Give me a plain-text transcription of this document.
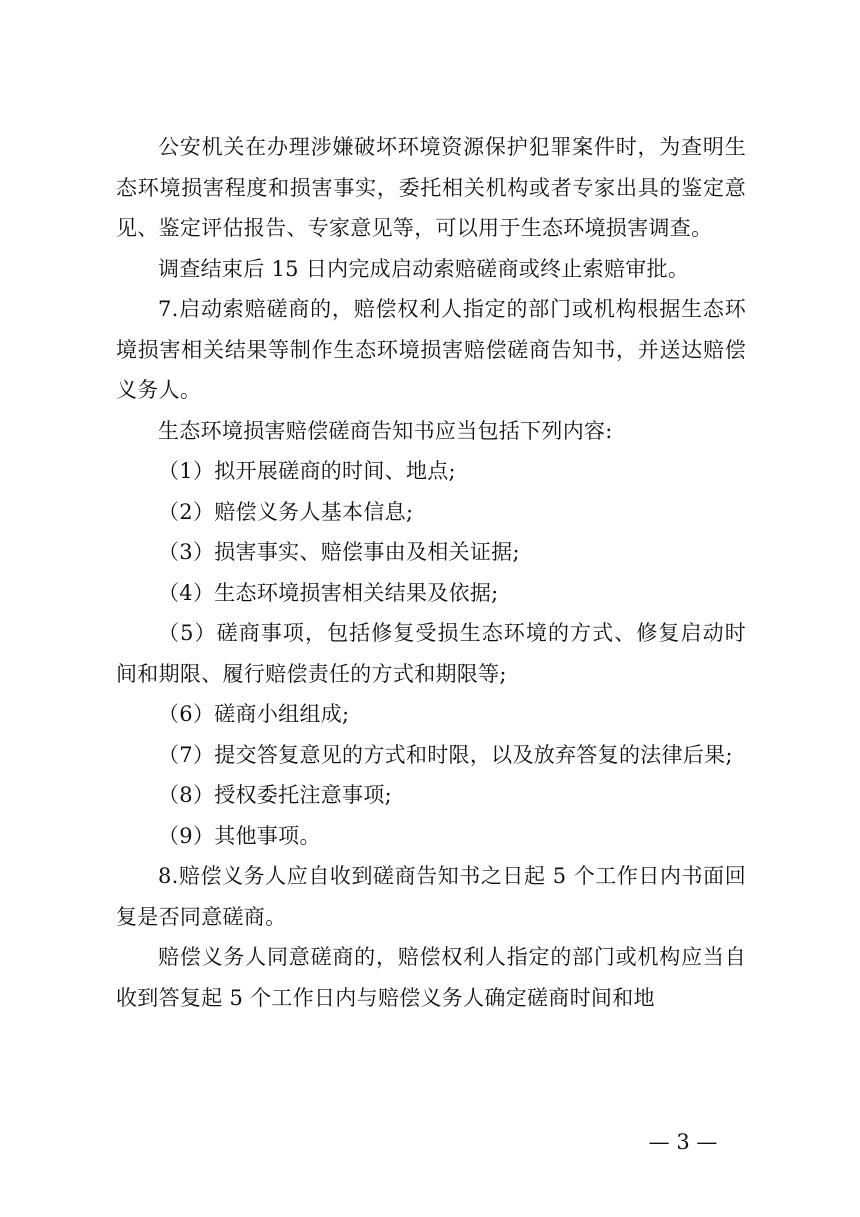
公安机关在办理涉嫌破坏环境资源保护犯罪案件时，为查明生态环境损害程度和损害事实，委托相关机构或者专家出具的鉴定意见、鉴定评估报告、专家意见等，可以用于生态环境损害调查。

调查结束后 15 日内完成启动索赔磋商或终止索赔审批。

7.启动索赔磋商的，赔偿权利人指定的部门或机构根据生态环境损害相关结果等制作生态环境损害赔偿磋商告知书，并送达赔偿义务人。

生态环境损害赔偿磋商告知书应当包括下列内容:

（1）拟开展磋商的时间、地点;

（2）赔偿义务人基本信息;

（3）损害事实、赔偿事由及相关证据;

（4）生态环境损害相关结果及依据;

（5）磋商事项，包括修复受损生态环境的方式、修复启动时间和期限、履行赔偿责任的方式和期限等;

（6）磋商小组组成;

（7）提交答复意见的方式和时限，以及放弃答复的法律后果;

（8）授权委托注意事项;

（9）其他事项。

8.赔偿义务人应自收到磋商告知书之日起 5 个工作日内书面回复是否同意磋商。

赔偿义务人同意磋商的，赔偿权利人指定的部门或机构应当自收到答复起 5 个工作日内与赔偿义务人确定磋商时间和地

— 3 —
